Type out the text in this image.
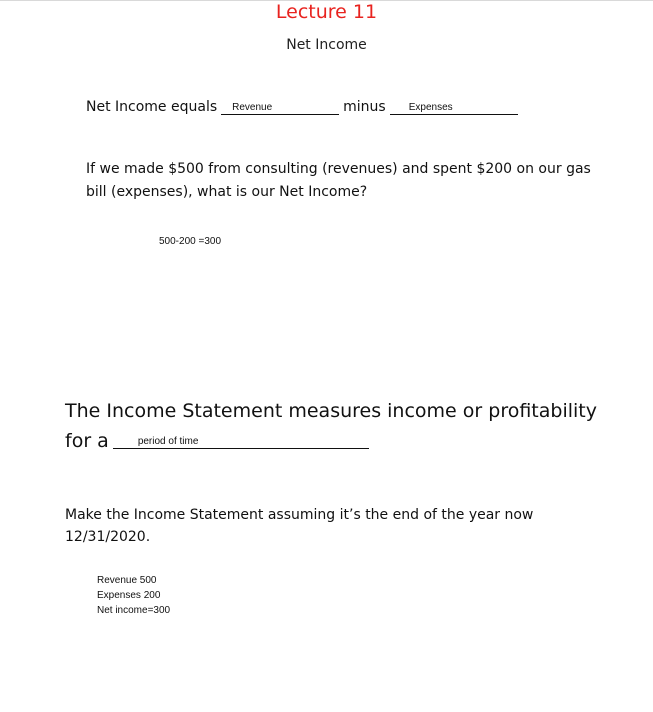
Lecture 11
Net Income
Net Income equals Revenue	minus Expenses
If we made $500 from consulting (revenues) and spent $200 on our gas
bill (expenses), what is our Net Income?
500-200 =300
The Income Statement measures income or profitability
for a	period of time
Make the Income Statement assuming it’s the end of the year now
12/31/2020.
Revenue 500
Expenses 200
Net income=300
